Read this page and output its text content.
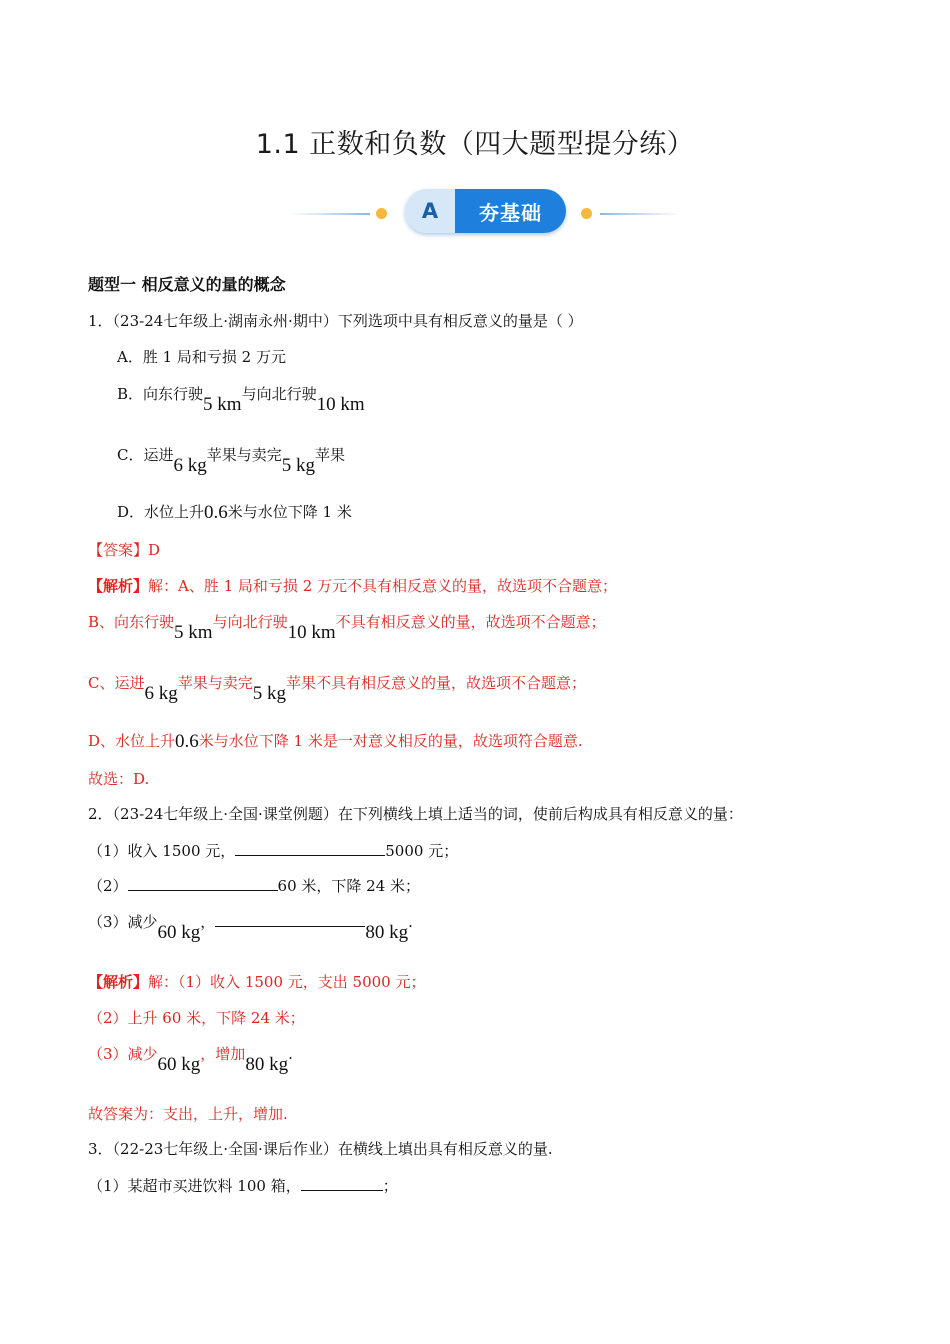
1.1 正数和负数（四大题型提分练）
A	夯基础
题型一 相反意义的量的概念
1．（23-24七年级上·湖南永州·期中）下列选项中具有相反意义的量是（ ）
A．胜 1 局和亏损 2 万元
B．向东行驶5 km与向北行驶10 km
C．运进6 kg苹果与卖完5 kg苹果
D．水位上升0.6米与水位下降 1 米
【答案】D
【解析】解：A、胜 1 局和亏损 2 万元不具有相反意义的量，故选项不合题意；
B、向东行驶5 km与向北行驶10 km不具有相反意义的量，故选项不合题意；
C、运进6 kg苹果与卖完5 kg苹果不具有相反意义的量，故选项不合题意；
D、水位上升0.6米与水位下降 1 米是一对意义相反的量，故选项符合题意.
故选：D.
2．（23-24七年级上·全国·课堂例题）在下列横线上填上适当的词，使前后构成具有相反意义的量：
（1）收入 1500 元，	5000 元；
（2）	60 米，下降 24 米；
（3）减少60 kg，	80 kg.
【解析】解：（1）收入 1500 元，支出 5000 元；
（2）上升 60 米，下降 24 米；
（3）减少60 kg，增加80 kg.
故答案为：支出，上升，增加.
3．（22-23七年级上·全国·课后作业）在横线上填出具有相反意义的量.
（1）某超市买进饮料 100 箱，	；
